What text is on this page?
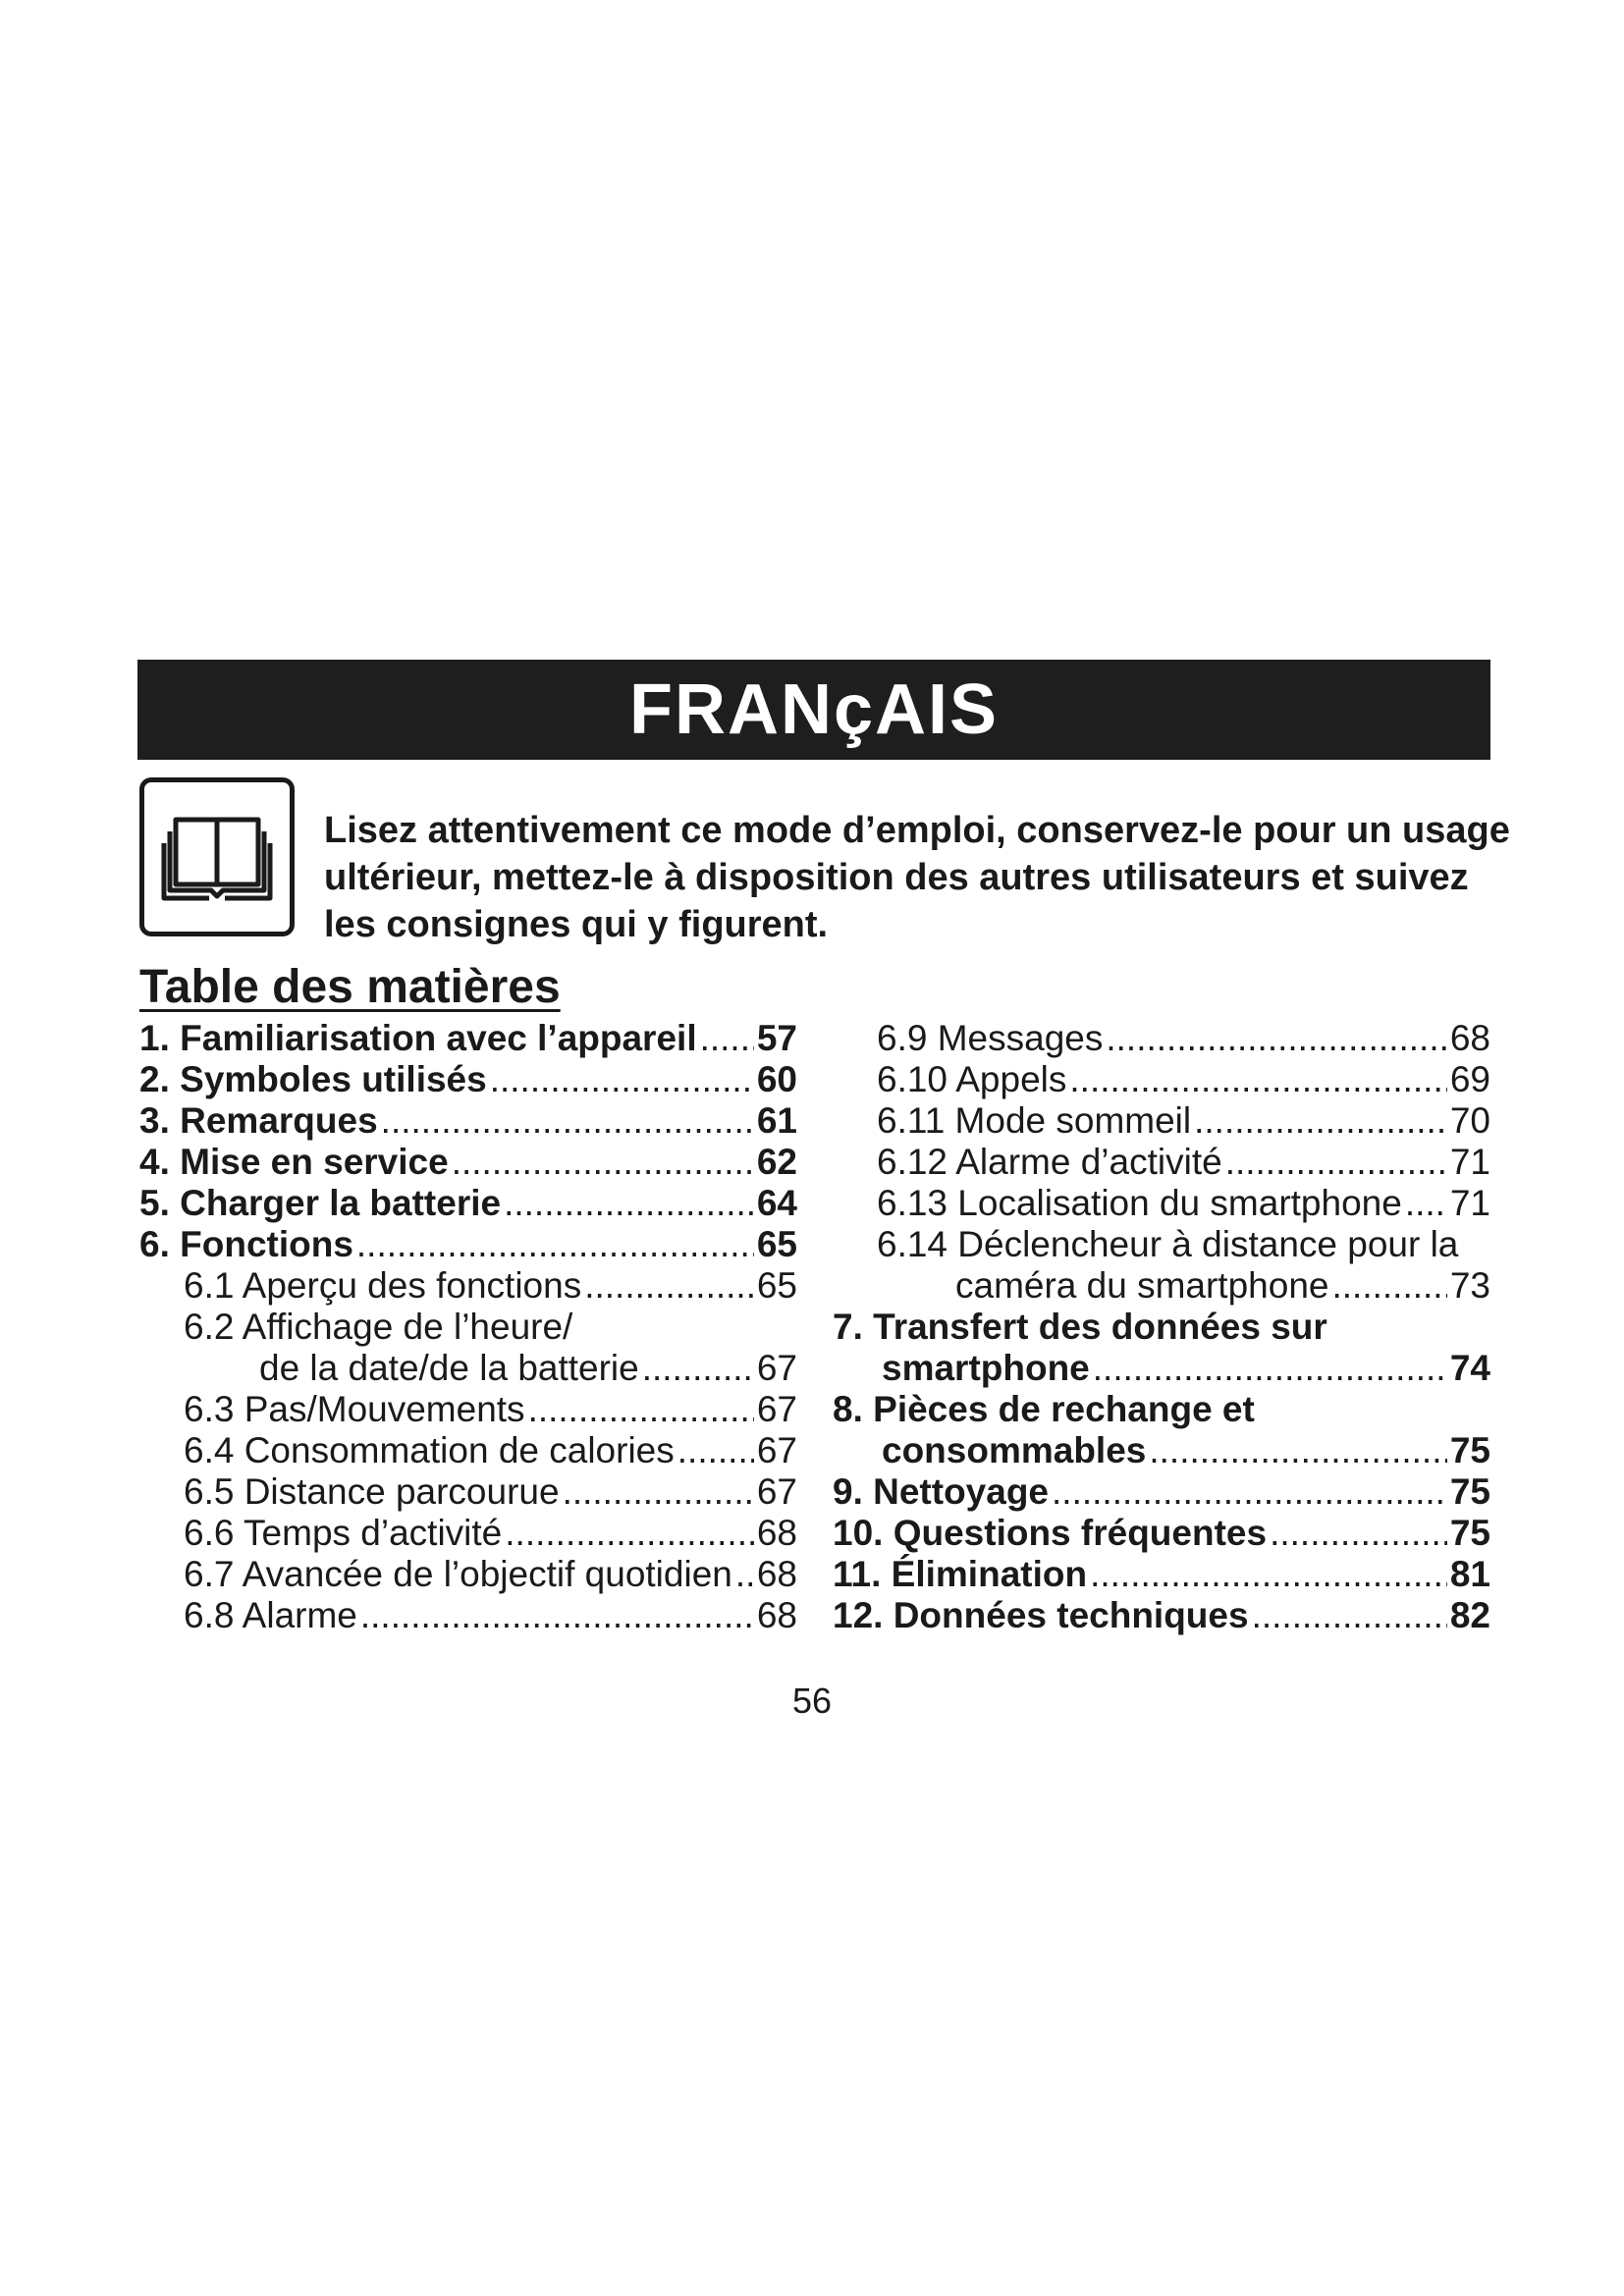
FRANçAIS

Lisez attentivement ce mode d’emploi, conservez-le pour un usage ultérieur, mettez-le à disposition des autres utilisateurs et suivez les consignes qui y figurent.

Table des matières
1. Familiarisation avec l’appareil ..... 57
2. Symboles utilisés .....	60
3. Remarques .....	61
4. Mise en service .....	62
5. Charger la batterie .....	64
6. Fonctions .....	65
6.1 Aperçu des fonctions .....	65
6.2 Affichage de l’heure/
de la date/de la batterie .....	67
6.3 Pas/Mouvements .....	67
6.4 Consommation de calories ..... 67
6.5 Distance parcourue .....	67
6.6 Temps d’activité .....	68
6.7 Avancée de l’objectif quotidien ..... 68
6.8 Alarme .....	68
6.9 Messages .....	68
6.10 Appels .....	69
6.11 Mode sommeil .....	70
6.12 Alarme d’activité .....	71
6.13 Localisation du smartphone ..... 71
6.14 Déclencheur à distance pour la
caméra du smartphone .....	73
7. Transfert des données sur
smartphone .....	74
8. Pièces de rechange et
consommables .....	75
9. Nettoyage .....	75
10. Questions fréquentes .....	75
11. Élimination .....	81
12. Données techniques .....	82
56
